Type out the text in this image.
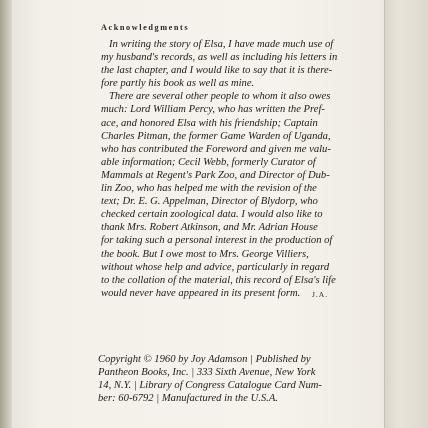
Acknowledgments
In writing the story of Elsa, I have made much use of
my husband's records, as well as including his letters in
the last chapter, and I would like to say that it is there-
fore partly his book as well as mine.
There are several other people to whom it also owes
much: Lord William Percy, who has written the Pref-
ace, and honored Elsa with his friendship; Captain
Charles Pitman, the former Game Warden of Uganda,
who has contributed the Foreword and given me valu-
able information; Cecil Webb, formerly Curator of
Mammals at Regent's Park Zoo, and Director of Dub-
lin Zoo, who has helped me with the revision of the
text; Dr. E. G. Appelman, Director of Blydorp, who
checked certain zoological data. I would also like to
thank Mrs. Robert Atkinson, and Mr. Adrian House
for taking such a personal interest in the production of
the book. But I owe most to Mrs. George Villiers,
without whose help and advice, particularly in regard
to the collation of the material, this record of Elsa's life
would never have appeared in its present form.	J.A.
Copyright © 1960 by Joy Adamson | Published by
Pantheon Books, Inc. | 333 Sixth Avenue, New York
14, N.Y. | Library of Congress Catalogue Card Num-
ber: 60-6792 | Manufactured in the U.S.A.
